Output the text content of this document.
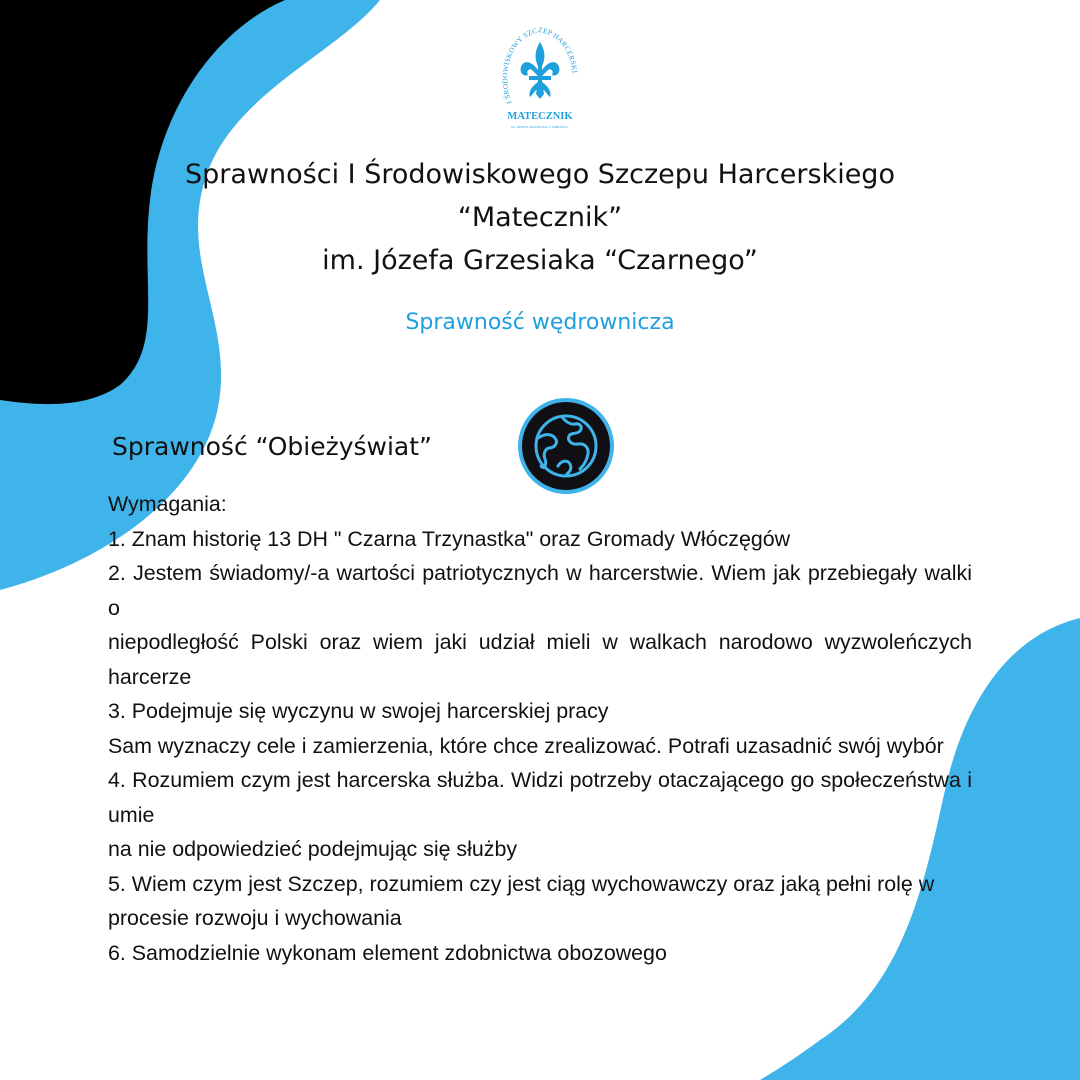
I ŚRODOWISKOWY SZCZEP HARCERSKI
MATECZNIK
im. JÓZEFA GRZESIAKA "CZARNEGO"
Sprawności I Środowiskowego Szczepu Harcerskiego
“Matecznik”
im. Józefa Grzesiaka “Czarnego”
Sprawność wędrownicza
Sprawność “Obieżyświat”

Wymagania:

1. Znam historię 13 DH " Czarna Trzynastka" oraz Gromady Włóczęgów

2. Jestem świadomy/-a wartości patriotycznych w harcerstwie. Wiem jak przebiegały walki o

niepodległość Polski oraz wiem jaki udział mieli w walkach narodowo wyzwoleńczych harcerze

3. Podejmuje się wyczynu w swojej harcerskiej pracy

Sam wyznaczy cele i zamierzenia, które chce zrealizować. Potrafi uzasadnić swój wybór

4. Rozumiem czym jest harcerska służba. Widzi potrzeby otaczającego go społeczeństwa i umie

na nie odpowiedzieć podejmując się służby

5. Wiem czym jest Szczep, rozumiem czy jest ciąg wychowawczy oraz jaką pełni rolę w

procesie rozwoju i wychowania

6. Samodzielnie wykonam element zdobnictwa obozowego
